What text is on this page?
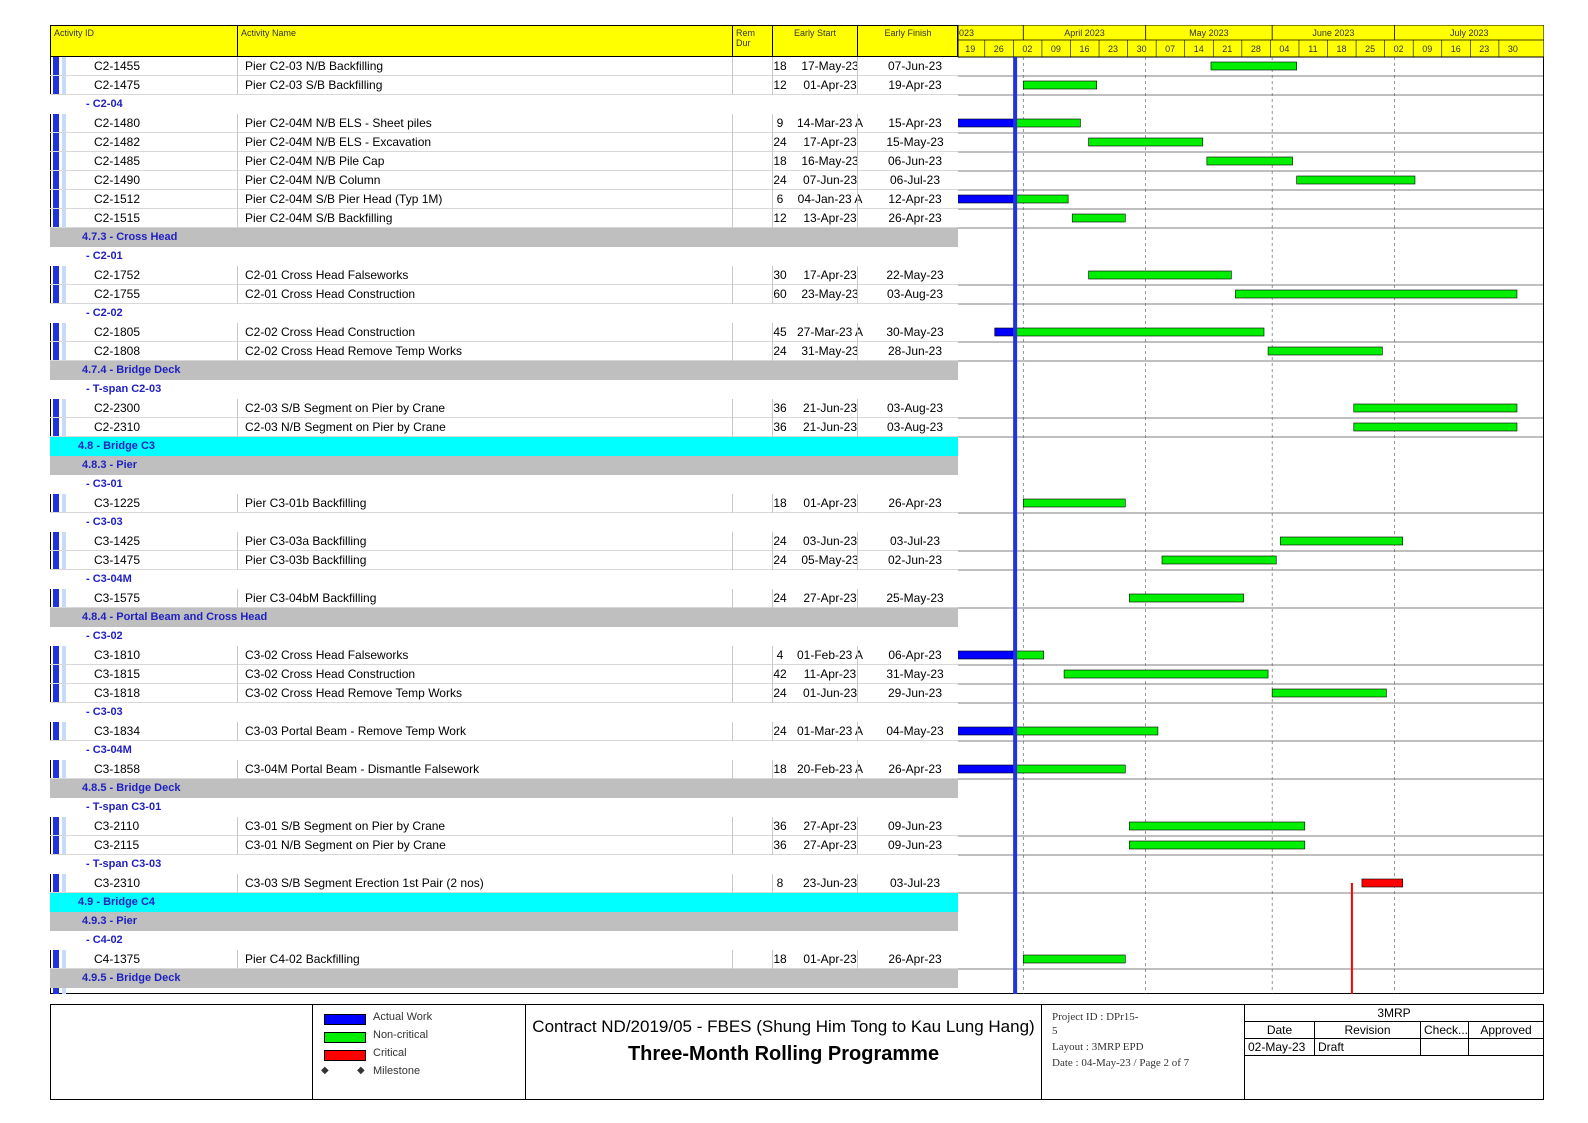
Activity ID	Activity Name	Rem Dur
Early Start	Early Finish
C2-1455	Pier C2-03 N/B Backfilling	18	17-May-23	07-Jun-23
C2-1475	Pier C2-03 S/B Backfilling	12	01-Apr-23	19-Apr-23
- C2-04
C2-1480	Pier C2-04M N/B ELS - Sheet piles	9	14-Mar-23 A	15-Apr-23
C2-1482	Pier C2-04M N/B ELS - Excavation	24	17-Apr-23	15-May-23
C2-1485	Pier C2-04M N/B Pile Cap	18	16-May-23	06-Jun-23
C2-1490	Pier C2-04M N/B Column	24	07-Jun-23	06-Jul-23
C2-1512	Pier C2-04M S/B Pier Head (Typ 1M)	6	04-Jan-23 A	12-Apr-23
C2-1515	Pier C2-04M S/B Backfilling	12	13-Apr-23	26-Apr-23
4.7.3 - Cross Head
- C2-01
C2-1752	C2-01 Cross Head Falseworks	30	17-Apr-23	22-May-23
C2-1755	C2-01 Cross Head Construction	60	23-May-23	03-Aug-23
- C2-02
C2-1805	C2-02 Cross Head Construction	45 27-Mar-23 A	30-May-23
C2-1808	C2-02 Cross Head Remove Temp Works	24	31-May-23	28-Jun-23
4.7.4 - Bridge Deck
- T-span C2-03
C2-2300	C2-03 S/B Segment on Pier by Crane	36	21-Jun-23	03-Aug-23
C2-2310	C2-03 N/B Segment on Pier by Crane	36	21-Jun-23	03-Aug-23
4.8 - Bridge C3
4.8.3 - Pier
- C3-01
C3-1225	Pier C3-01b Backfilling	18	01-Apr-23	26-Apr-23
- C3-03
C3-1425	Pier C3-03a Backfilling	24	03-Jun-23	03-Jul-23
C3-1475	Pier C3-03b Backfilling	24	05-May-23	02-Jun-23
- C3-04M
C3-1575	Pier C3-04bM Backfilling	24	27-Apr-23	25-May-23
4.8.4 - Portal Beam and Cross Head
- C3-02
C3-1810	C3-02 Cross Head Falseworks	4	01-Feb-23 A	06-Apr-23
C3-1815	C3-02 Cross Head Construction	42	11-Apr-23	31-May-23
C3-1818	C3-02 Cross Head Remove Temp Works	24	01-Jun-23	29-Jun-23
- C3-03
C3-1834	C3-03 Portal Beam - Remove Temp Work	24 01-Mar-23 A	04-May-23
- C3-04M
C3-1858	C3-04M Portal Beam - Dismantle Falsework	18 20-Feb-23 A	26-Apr-23
4.8.5 - Bridge Deck
- T-span C3-01
C3-2110	C3-01 S/B Segment on Pier by Crane	36	27-Apr-23	09-Jun-23
C3-2115	C3-01 N/B Segment on Pier by Crane	36	27-Apr-23	09-Jun-23
- T-span C3-03
C3-2310	C3-03 S/B Segment Erection 1st Pair (2 nos)	8	23-Jun-23	03-Jul-23
4.9 - Bridge C4
4.9.3 - Pier
- C4-02
C4-1375	Pier C4-02 Backfilling	18	01-Apr-23	26-Apr-23
4.9.5 - Bridge Deck
023	April 2023	May 2023	June 2023	July 2023
19 26 02 09 16 23 30 07 14 21 28 04 11 18 25 02 09 16 23 30
Actual Work
Non-critical
Critical
◆	◆ Milestone
Contract ND/2019/05 - FBES (Shung Him Tong to Kau Lung Hang)
Three-Month Rolling Programme
Project ID : DPr15-
5
Layout : 3MRP EPD
Date : 04-May-23 / Page 2 of 7
3MRP
Date	Revision	Check...	Approved
02-May-23	Draft
